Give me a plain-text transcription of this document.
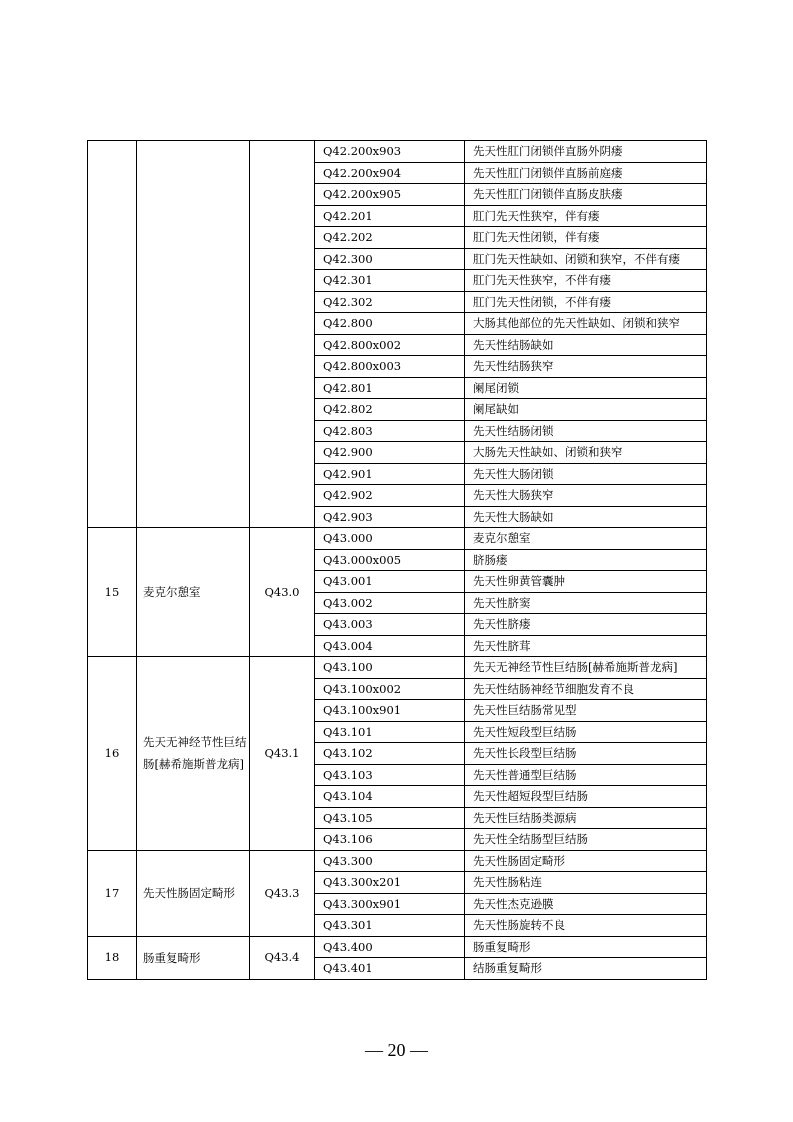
			Q42.200x903	先天性肛门闭锁伴直肠外阴瘘
			Q42.200x904	先天性肛门闭锁伴直肠前庭瘘
			Q42.200x905	先天性肛门闭锁伴直肠皮肤瘘
			Q42.201	肛门先天性狭窄，伴有瘘
			Q42.202	肛门先天性闭锁，伴有瘘
			Q42.300	肛门先天性缺如、闭锁和狭窄，不伴有瘘
			Q42.301	肛门先天性狭窄，不伴有瘘
			Q42.302	肛门先天性闭锁，不伴有瘘
			Q42.800	大肠其他部位的先天性缺如、闭锁和狭窄
			Q42.800x002	先天性结肠缺如
			Q42.800x003	先天性结肠狭窄
			Q42.801	阑尾闭锁
			Q42.802	阑尾缺如
			Q42.803	先天性结肠闭锁
			Q42.900	大肠先天性缺如、闭锁和狭窄
			Q42.901	先天性大肠闭锁
			Q42.902	先天性大肠狭窄
			Q42.903	先天性大肠缺如
15	麦克尔憩室	Q43.0	Q43.000	麦克尔憩室
			Q43.000x005	脐肠瘘
			Q43.001	先天性卵黄管囊肿
			Q43.002	先天性脐窦
			Q43.003	先天性脐瘘
			Q43.004	先天性脐茸
16	先天无神经节性巨结肠[赫希施斯普龙病]	Q43.1	Q43.100	先天无神经节性巨结肠[赫希施斯普龙病]
			Q43.100x002	先天性结肠神经节细胞发育不良
			Q43.100x901	先天性巨结肠常见型
			Q43.101	先天性短段型巨结肠
			Q43.102	先天性长段型巨结肠
			Q43.103	先天性普通型巨结肠
			Q43.104	先天性超短段型巨结肠
			Q43.105	先天性巨结肠类源病
			Q43.106	先天性全结肠型巨结肠
17	先天性肠固定畸形	Q43.3	Q43.300	先天性肠固定畸形
			Q43.300x201	先天性肠粘连
			Q43.300x901	先天性杰克逊膜
			Q43.301	先天性肠旋转不良
18	肠重复畸形	Q43.4	Q43.400	肠重复畸形
			Q43.401	结肠重复畸形
— 20 —
